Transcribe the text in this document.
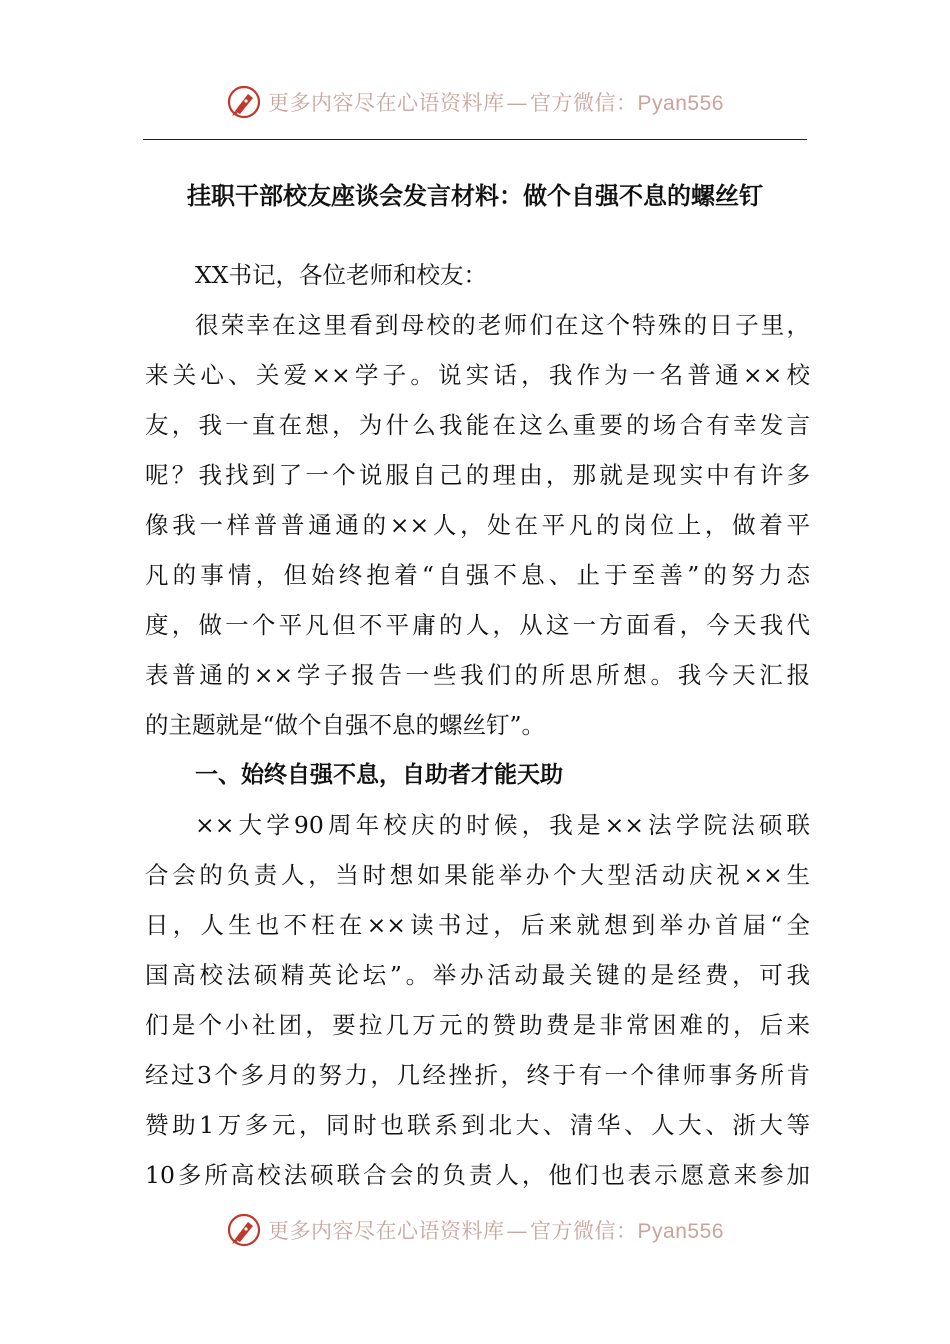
更多内容尽在心语资料库—官方微信：Pyan556
挂职干部校友座谈会发言材料：做个自强不息的螺丝钉
XX书记，各位老师和校友：
很荣幸在这里看到母校的老师们在这个特殊的日子里，
来关心、关爱××学子。说实话，我作为一名普通××校
友，我一直在想，为什么我能在这么重要的场合有幸发言
呢？我找到了一个说服自己的理由，那就是现实中有许多
像我一样普普通通的××人，处在平凡的岗位上，做着平
凡的事情，但始终抱着“自强不息、止于至善”的努力态
度，做一个平凡但不平庸的人，从这一方面看，今天我代
表普通的××学子报告一些我们的所思所想。我今天汇报
的主题就是“做个自强不息的螺丝钉”。
一、始终自强不息，自助者才能天助
××大学90周年校庆的时候，我是××法学院法硕联
合会的负责人，当时想如果能举办个大型活动庆祝××生
日，人生也不枉在××读书过，后来就想到举办首届“全
国高校法硕精英论坛”。举办活动最关键的是经费，可我
们是个小社团，要拉几万元的赞助费是非常困难的，后来
经过3个多月的努力，几经挫折，终于有一个律师事务所肯
赞助1万多元，同时也联系到北大、清华、人大、浙大等
10多所高校法硕联合会的负责人，他们也表示愿意来参加
更多内容尽在心语资料库—官方微信：Pyan556
